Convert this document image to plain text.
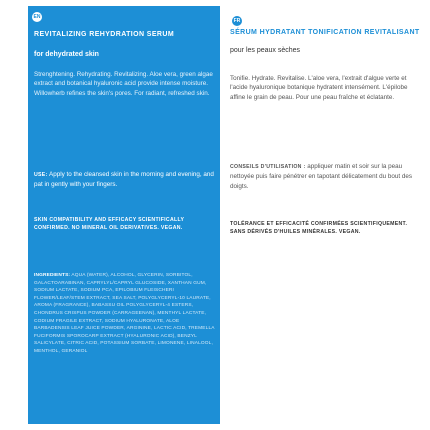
EN
REVITALIZING REHYDRATION SERUM
for dehydrated skin
Strenghtening. Rehydrating. Revitalizing. Aloe vera, green algae extract and botanical hyaluronic acid provide intense moisture. Willowherb refines the skin's pores. For radiant, refreshed skin.
USE: Apply to the cleansed skin in the morning and evening, and pat in gently with your fingers.
SKIN COMPATIBILITY AND EFFICACY SCIENTIFICALLY CONFIRMED. NO MINERAL OIL DERIVATIVES. VEGAN.
INGREDIENTS: AQUA (WATER), ALCOHOL, GLYCERIN, SORBITOL, GALACTOARABINAN, CAPRYLYL/CAPRYL GLUCOSIDE, XANTHAN GUM, SODIUM LACTATE, SODIUM PCA, EPILOBIUM FLEISCHERI FLOWER/LEAF/STEM EXTRACT, SEA SALT, POLYGLYCERYL-10 LAURATE, AROMA (FRAGRANCE), BABASSU OIL POLYGLYCERYL-4 ESTERS, CHONDRUS CRISPUS POWDER (CARRAGEENAN), MENTHYL LACTATE, CODIUM FRAGILE EXTRACT, SODIUM HYALURONATE, ALOE BARBADENSIS LEAF JUICE POWDER, ARGININE, LACTIC ACID, TREMELLA FUCIFORMIS SPOROCARP EXTRACT (HYALURONIC ACID), BENZYL SALICYLATE, CITRIC ACID, POTASSIUM SORBATE, LIMONENE, LINALOOL, MENTHOL, GERANIOL
FR
SÉRUM HYDRATANT TONIFICATION REVITALISANT
pour les peaux sèches
Tonifie. Hydrate. Revitalise. L'aloe vera, l'extrait d'algue verte et l'acide hyaluronique botanique hydratent intensément. L'épilobe affine le grain de peau. Pour une peau fraîche et éclatante.
CONSEILS D'UTILISATION : appliquer matin et soir sur la peau nettoyée puis faire pénétrer en tapotant délicatement du bout des doigts.
TOLÉRANCE ET EFFICACITÉ CONFIRMÉES SCIENTIFIQUEMENT. SANS DÉRIVÉS D'HUILES MINÉRALES. VEGAN.
